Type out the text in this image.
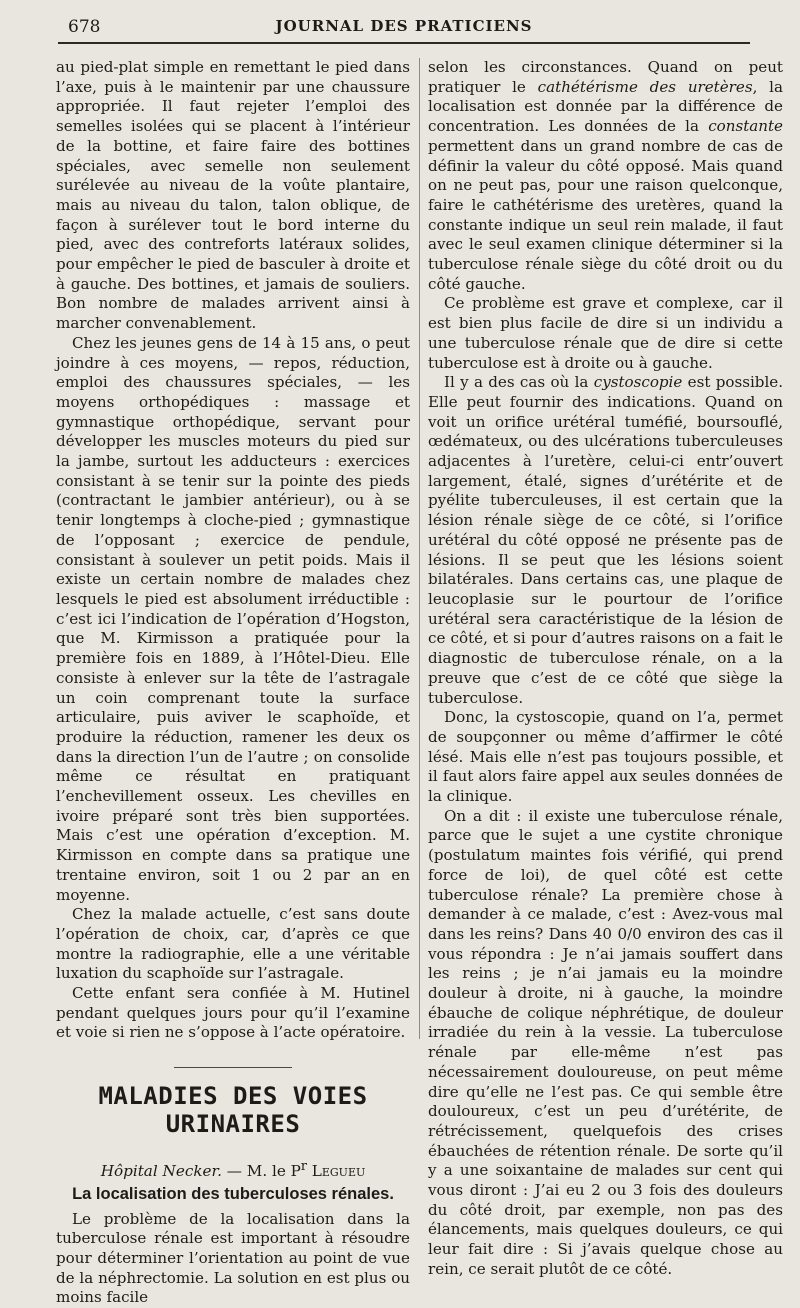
678	JOURNAL DES PRATICIENS

au pied-plat simple en remettant le pied dans l’axe, puis à le maintenir par une chaussure appropriée. Il faut rejeter l’emploi des semelles isolées qui se placent à l’intérieur de la bottine, et faire faire des bottines spéciales, avec semelle non seulement surélevée au niveau de la voûte plantaire, mais au niveau du talon, talon oblique, de façon à surélever tout le bord interne du pied, avec des contreforts latéraux solides, pour empêcher le pied de basculer à droite et à gauche. Des bottines, et jamais de souliers. Bon nombre de malades arrivent ainsi à marcher convenablement.

Chez les jeunes gens de 14 à 15 ans, o peut joindre à ces moyens, — repos, réduction, emploi des chaussures spéciales, — les moyens orthopédiques : massage et gymnastique orthopédique, servant pour développer les muscles moteurs du pied sur la jambe, surtout les adducteurs : exercices consistant à se tenir sur la pointe des pieds (contractant le jambier antérieur), ou à se tenir longtemps à cloche-pied ; gymnastique de l’opposant ; exercice de pendule, consistant à soulever un petit poids. Mais il existe un certain nombre de malades chez lesquels le pied est absolument irréductible : c’est ici l’indication de l’opération d’Hogston, que M. Kirmisson a pratiquée pour la première fois en 1889, à l’Hôtel-Dieu. Elle consiste à enlever sur la tête de l’astragale un coin comprenant toute la surface articulaire, puis aviver le scaphoïde, et produire la réduction, ramener les deux os dans la direction l’un de l’autre ; on consolide même ce résultat en pratiquant l’enchevillement osseux. Les chevilles en ivoire préparé sont très bien supportées. Mais c’est une opération d’exception. M. Kirmisson en compte dans sa pratique une trentaine environ, soit 1 ou 2 par an en moyenne.

Chez la malade actuelle, c’est sans doute l’opération de choix, car, d’après ce que montre la radiographie, elle a une véritable luxation du scaphoïde sur l’astragale.

Cette enfant sera confiée à M. Hutinel pendant quelques jours pour qu’il l’examine et voie si rien ne s’oppose à l’acte opératoire.

MALADIES DES VOIES URINAIRES
Hôpital Necker. — M. le $P^r$ Legueu
La localisation des tuberculoses rénales.

Le problème de la localisation dans la tuberculose rénale est important à résoudre pour déterminer l’orientation au point de vue de la néphrectomie. La solution en est plus ou moins facile

selon les circonstances. Quand on peut pratiquer le cathétérisme des uretères, la localisation est donnée par la différence de concentration. Les données de la constante permettent dans un grand nombre de cas de définir la valeur du côté opposé. Mais quand on ne peut pas, pour une raison quelconque, faire le cathétérisme des uretères, quand la constante indique un seul rein malade, il faut avec le seul examen clinique déterminer si la tuberculose rénale siège du côté droit ou du côté gauche.

Ce problème est grave et complexe, car il est bien plus facile de dire si un individu a une tuberculose rénale que de dire si cette tuberculose est à droite ou à gauche.

Il y a des cas où la cystoscopie est possible. Elle peut fournir des indications. Quand on voit un orifice urétéral tuméfié, boursouflé, œdémateux, ou des ulcérations tuberculeuses adjacentes à l’uretère, celui-ci entr’ouvert largement, étalé, signes d’urétérite et de pyélite tuberculeuses, il est certain que la lésion rénale siège de ce côté, si l’orifice urétéral du côté opposé ne présente pas de lésions. Il se peut que les lésions soient bilatérales. Dans certains cas, une plaque de leucoplasie sur le pourtour de l’orifice urétéral sera caractéristique de la lésion de ce côté, et si pour d’autres raisons on a fait le diagnostic de tuberculose rénale, on a la preuve que c’est de ce côté que siège la tuberculose.

Donc, la cystoscopie, quand on l’a, permet de soupçonner ou même d’affirmer le côté lésé. Mais elle n’est pas toujours possible, et il faut alors faire appel aux seules données de la clinique.

On a dit : il existe une tuberculose rénale, parce que le sujet a une cystite chronique (postulatum maintes fois vérifié, qui prend force de loi), de quel côté est cette tuberculose rénale? La première chose à demander à ce malade, c’est : Avez-vous mal dans les reins? Dans 40 0/0 environ des cas il vous répondra : Je n’ai jamais souffert dans les reins ; je n’ai jamais eu la moindre douleur à droite, ni à gauche, la moindre ébauche de colique néphrétique, de douleur irradiée du rein à la vessie. La tuberculose rénale par elle-même n’est pas nécessairement douloureuse, on peut même dire qu’elle ne l’est pas. Ce qui semble être douloureux, c’est un peu d’urétérite, de rétrécissement, quelquefois des crises ébauchées de rétention rénale. De sorte qu’il y a une soixantaine de malades sur cent qui vous diront : J’ai eu 2 ou 3 fois des douleurs du côté droit, par exemple, non pas des élancements, mais quelques douleurs, ce qui leur fait dire : Si j’avais quelque chose au rein, ce serait plutôt de ce côté.
